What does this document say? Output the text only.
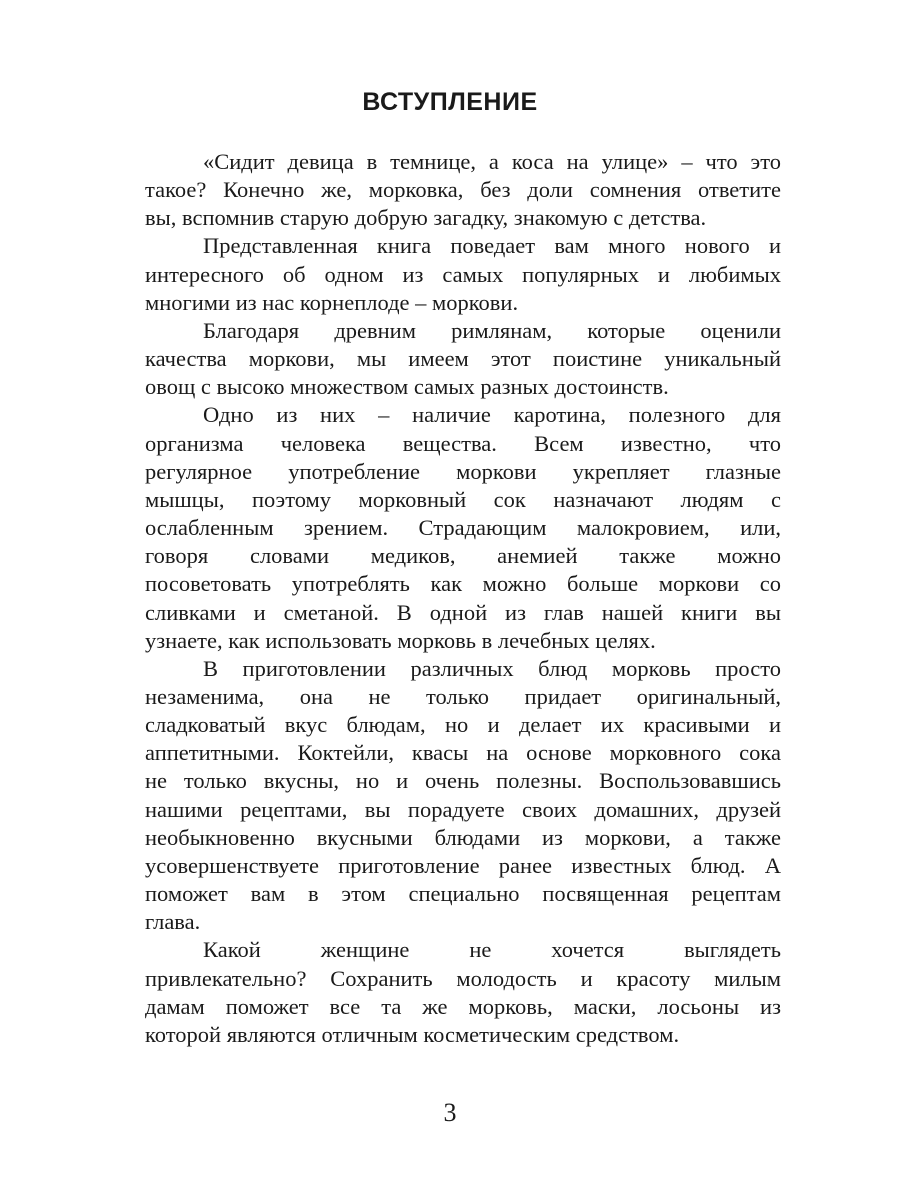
ВСТУПЛЕНИЕ
«Сидит девица в темнице, а коса на улице» – что это
такое? Конечно же, морковка, без доли сомнения ответите
вы, вспомнив старую добрую загадку, знакомую с детства.
Представленная книга поведает вам много нового и
интересного об одном из самых популярных и любимых
многими из нас корнеплоде – моркови.
Благодаря древним римлянам, которые оценили
качества моркови, мы имеем этот поистине уникальный
овощ с высоко множеством самых разных достоинств.
Одно из них – наличие каротина, полезного для
организма человека вещества. Всем известно, что
регулярное употребление моркови укрепляет глазные
мышцы, поэтому морковный сок назначают людям с
ослабленным зрением. Страдающим малокровием, или,
говоря словами медиков, анемией также можно
посоветовать употреблять как можно больше моркови со
сливками и сметаной. В одной из глав нашей книги вы
узнаете, как использовать морковь в лечебных целях.
В приготовлении различных блюд морковь просто
незаменима, она не только придает оригинальный,
сладковатый вкус блюдам, но и делает их красивыми и
аппетитными. Коктейли, квасы на основе морковного сока
не только вкусны, но и очень полезны. Воспользовавшись
нашими рецептами, вы порадуете своих домашних, друзей
необыкновенно вкусными блюдами из моркови, а также
усовершенствуете приготовление ранее известных блюд. А
поможет вам в этом специально посвященная рецептам
глава.
Какой женщине не хочется выглядеть
привлекательно? Сохранить молодость и красоту милым
дамам поможет все та же морковь, маски, лосьоны из
которой являются отличным косметическим средством.
3
